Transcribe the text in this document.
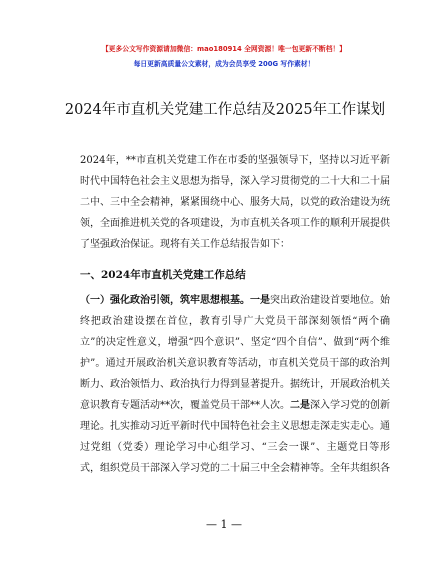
【更多公文写作资源请加微信：mao180914 全网资源！唯一包更新不断档！】
每日更新高质量公文素材，成为会员享受 200G 写作素材！
2024年市直机关党建工作总结及2025年工作谋划
2024年，**市直机关党建工作在市委的坚强领导下，坚持以习近平新时代中国特色社会主义思想为指导，深入学习贯彻党的二十大和二十届二中、三中全会精神，紧紧围绕中心、服务大局，以党的政治建设为统领，全面推进机关党的各项建设，为市直机关各项工作的顺利开展提供了坚强政治保证。现将有关工作总结报告如下：
一、2024年市直机关党建工作总结
（一）强化政治引领，筑牢思想根基。一是突出政治建设首要地位。始终把政治建设摆在首位，教育引导广大党员干部深刻领悟“两个确立”的决定性意义，增强“四个意识”、坚定“四个自信”、做到“两个维护”。通过开展政治机关意识教育等活动，市直机关党员干部的政治判断力、政治领悟力、政治执行力得到显著提升。据统计，开展政治机关意识教育专题活动**次，覆盖党员干部**人次。二是深入学习党的创新理论。扎实推动习近平新时代中国特色社会主义思想走深走实走心。通过党组（党委）理论学习中心组学习、“三会一课”、主题党日等形式，组织党员干部深入学习党的二十届三中全会精神等。全年共组织各
— 1 —
